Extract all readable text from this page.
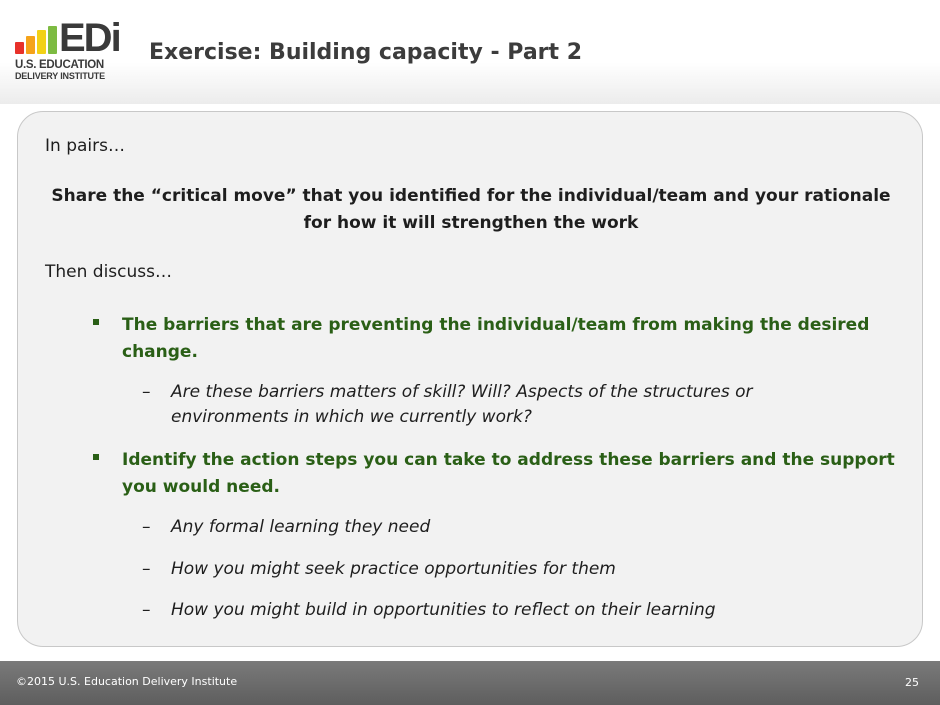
EDi
U.S. EDUCATION
DELIVERY INSTITUTE
Exercise: Building capacity - Part 2
In pairs…
Share the “critical move” that you identified for the individual/team and your rationale for how it will strengthen the work
Then discuss…
The barriers that are preventing the individual/team from making the desired change.
– Are these barriers matters of skill? Will? Aspects of the structures or environments in which we currently work?
Identify the action steps you can take to address these barriers and the support you would need.
– Any formal learning they need
– How you might seek practice opportunities for them
– How you might build in opportunities to reflect on their learning
©2015 U.S. Education Delivery Institute	25
